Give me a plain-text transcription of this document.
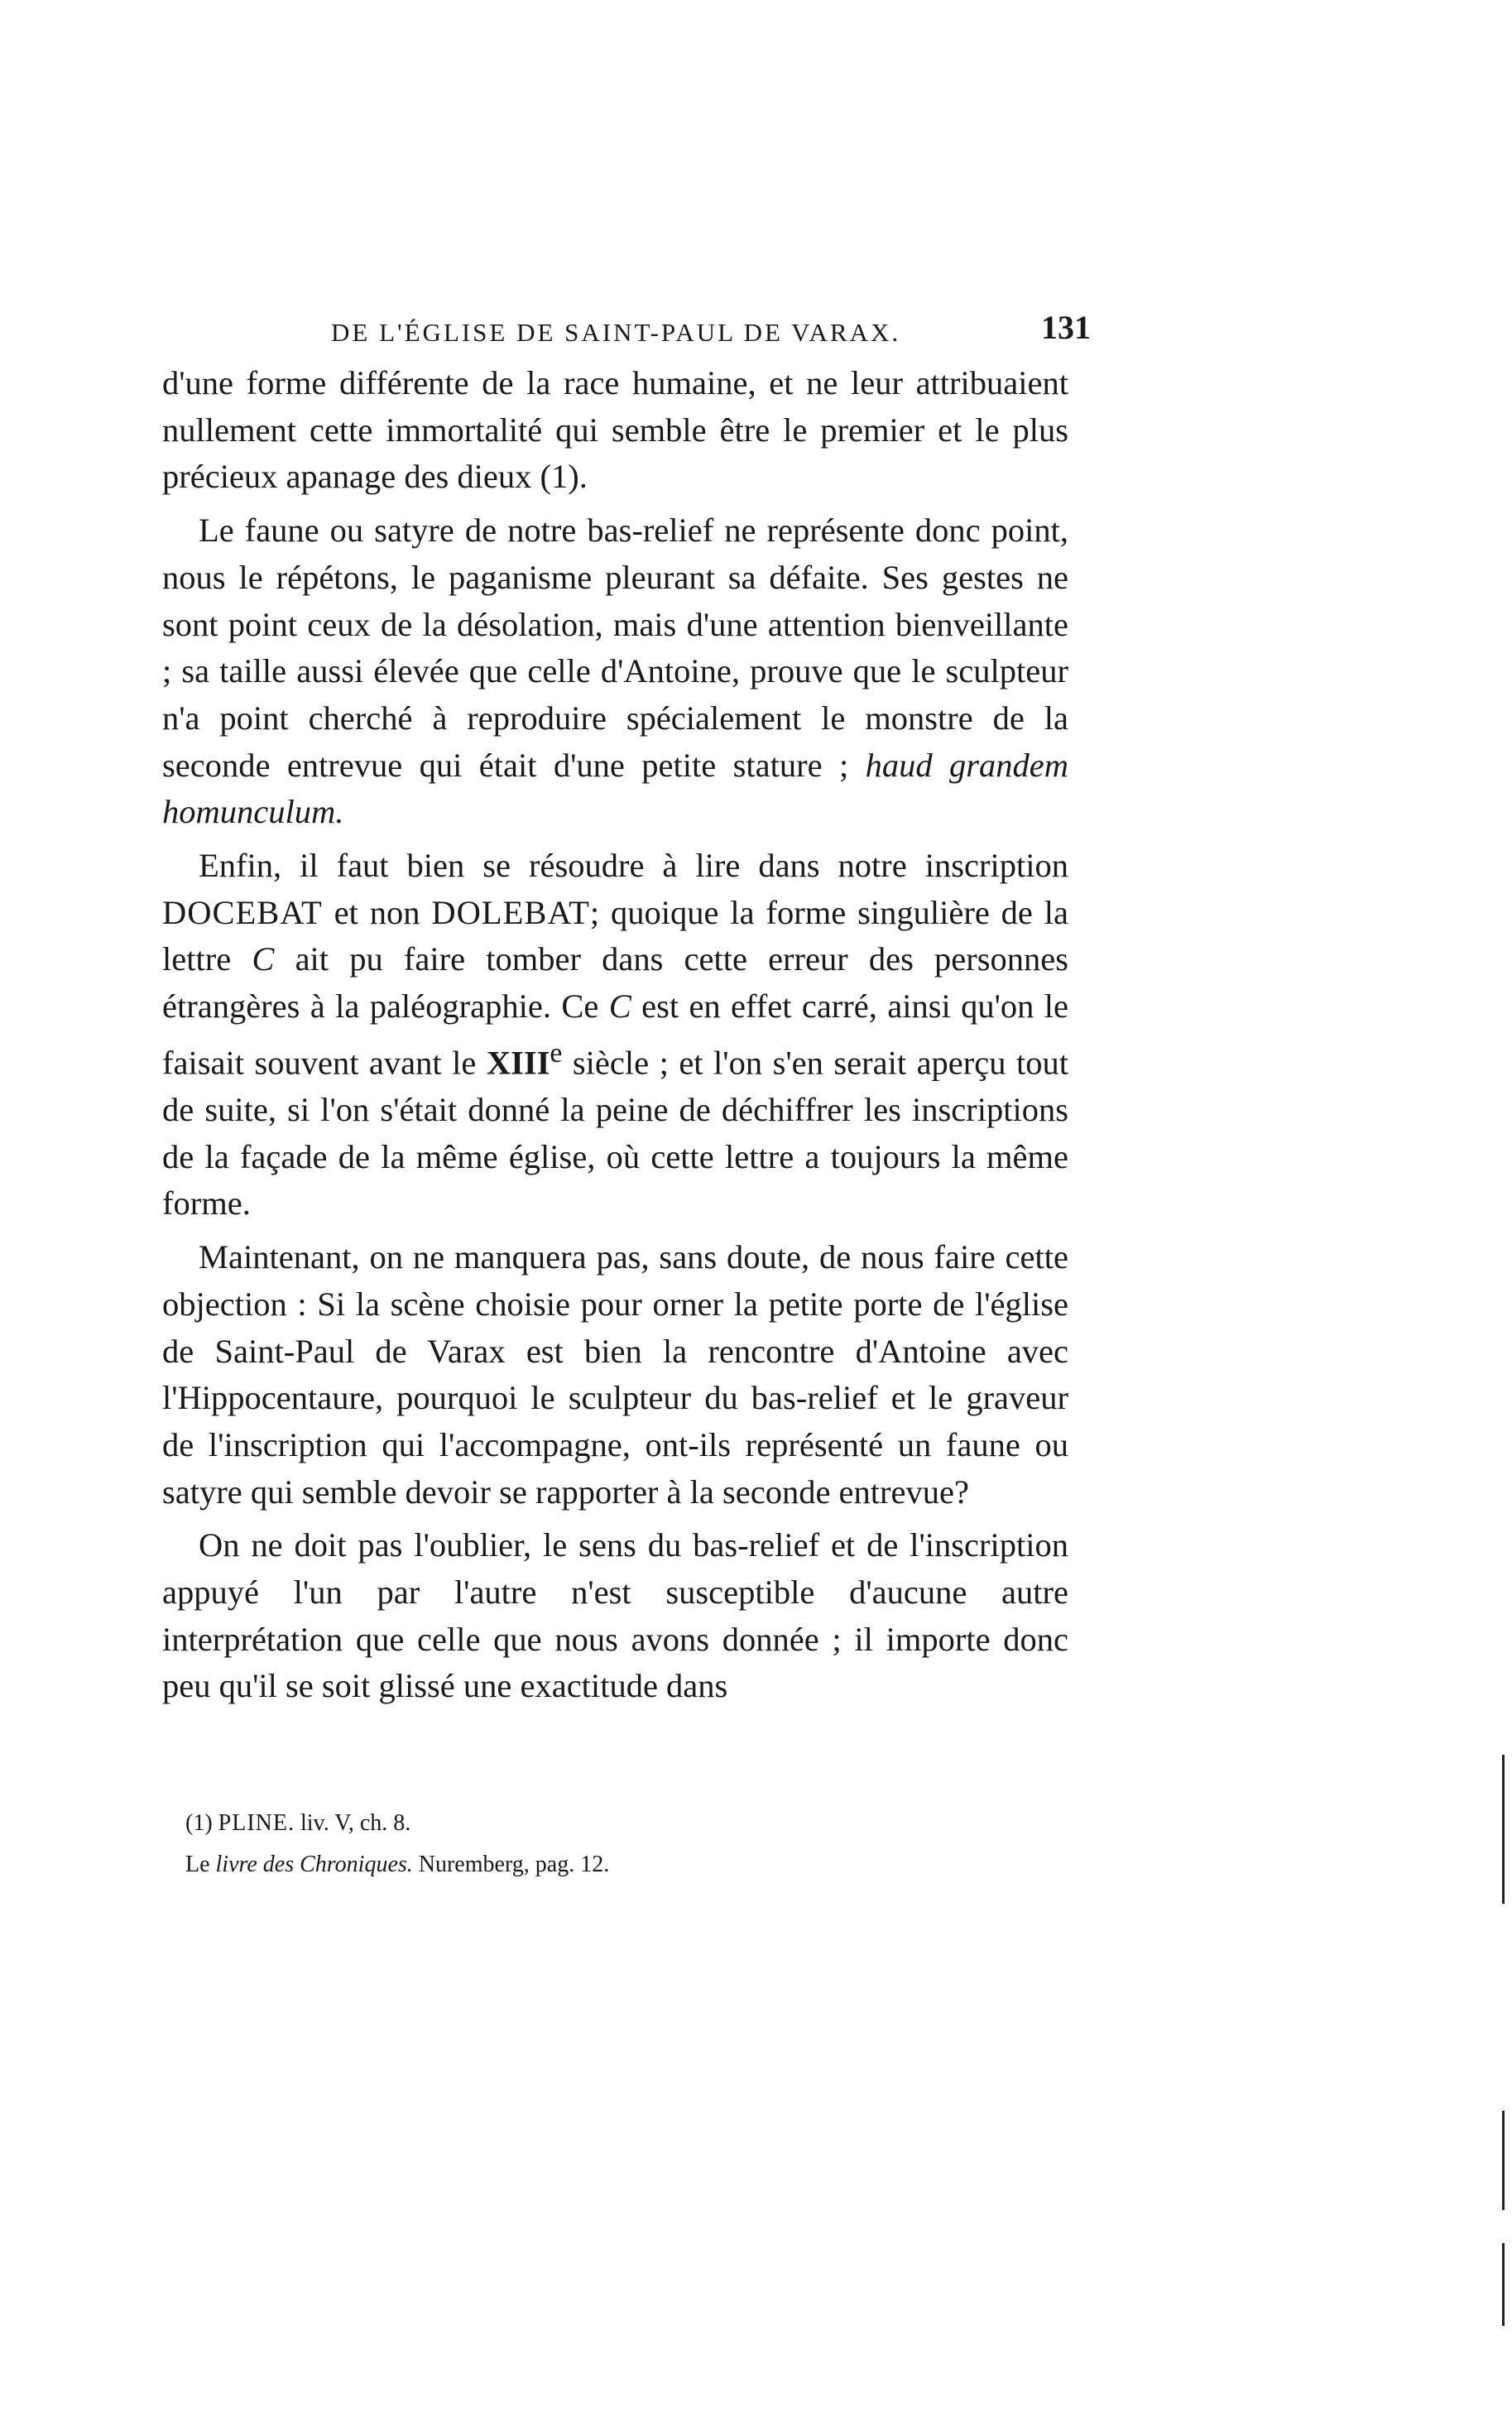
DE L'ÉGLISE DE SAINT-PAUL DE VARAX.	131

d'une forme différente de la race humaine, et ne leur attribuaient nullement cette immortalité qui semble être le premier et le plus précieux apanage des dieux (1).

Le faune ou satyre de notre bas-relief ne représente donc point, nous le répétons, le paganisme pleurant sa défaite. Ses gestes ne sont point ceux de la désolation, mais d'une attention bienveillante ; sa taille aussi élevée que celle d'Antoine, prouve que le sculpteur n'a point cherché à reproduire spécialement le monstre de la seconde entrevue qui était d'une petite stature ; haud grandem homunculum.

Enfin, il faut bien se résoudre à lire dans notre inscription DOCEBAT et non DOLEBAT; quoique la forme singulière de la lettre C ait pu faire tomber dans cette erreur des personnes étrangères à la paléographie. Ce C est en effet carré, ainsi qu'on le faisait souvent avant le XIIIe siècle ; et l'on s'en serait aperçu tout de suite, si l'on s'était donné la peine de déchiffrer les inscriptions de la façade de la même église, où cette lettre a toujours la même forme.

Maintenant, on ne manquera pas, sans doute, de nous faire cette objection : Si la scène choisie pour orner la petite porte de l'église de Saint-Paul de Varax est bien la rencontre d'Antoine avec l'Hippocentaure, pourquoi le sculpteur du bas-relief et le graveur de l'inscription qui l'accompagne, ont-ils représenté un faune ou satyre qui semble devoir se rapporter à la seconde entrevue?

On ne doit pas l'oublier, le sens du bas-relief et de l'inscription appuyé l'un par l'autre n'est susceptible d'aucune autre interprétation que celle que nous avons donnée ; il importe donc peu qu'il se soit glissé une exactitude dans

(1) PLINE. liv. V, ch. 8.
Le livre des Chroniques. Nuremberg, pag. 12.
